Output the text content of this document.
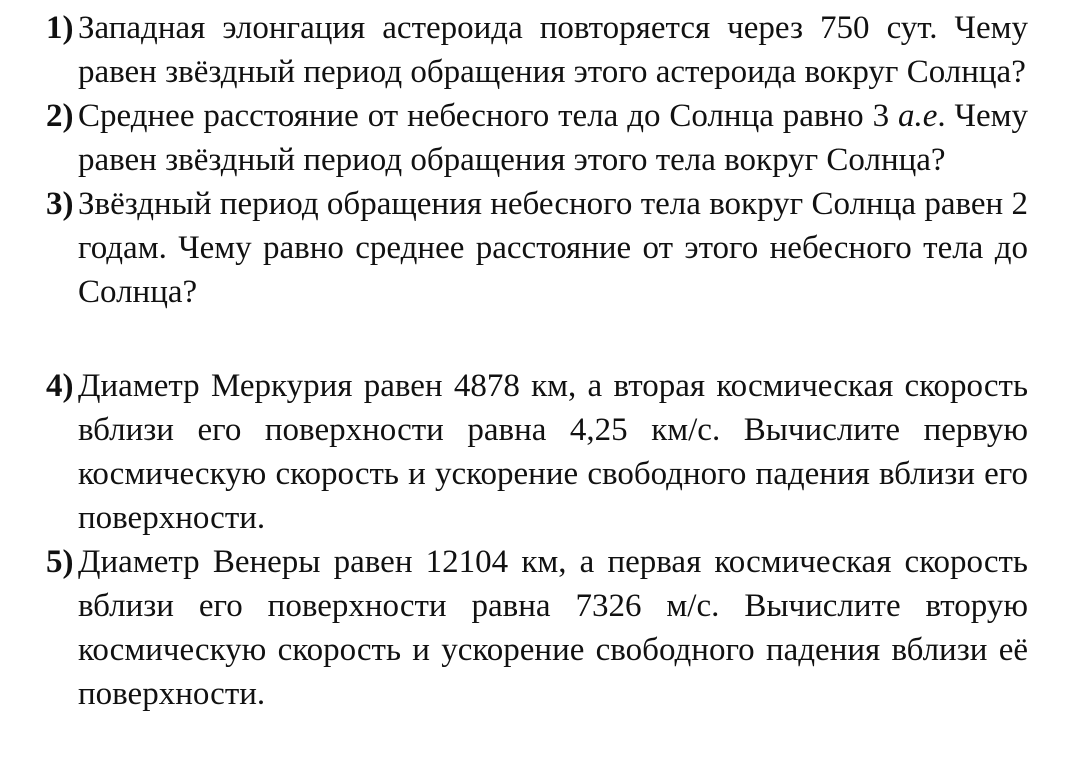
1) Западная элонгация астероида повторяется через 750 сут. Чему равен звёздный период обращения этого астероида вокруг Солнца?
2) Среднее расстояние от небесного тела до Солнца равно 3 а.е. Чему равен звёздный период обращения этого тела вокруг Солнца?
3) Звёздный период обращения небесного тела вокруг Солнца равен 2 годам. Чему равно среднее расстояние от этого небесного тела до Солнца?
4) Диаметр Меркурия равен 4878 км, а вторая космическая скорость вблизи его поверхности равна 4,25 км/с. Вычислите первую космическую скорость и ускорение свободного падения вблизи его поверхности.
5) Диаметр Венеры равен 12104 км, а первая космическая скорость вблизи его поверхности равна 7326 м/с. Вычислите вторую космическую скорость и ускорение свободного падения вблизи её поверхности.
